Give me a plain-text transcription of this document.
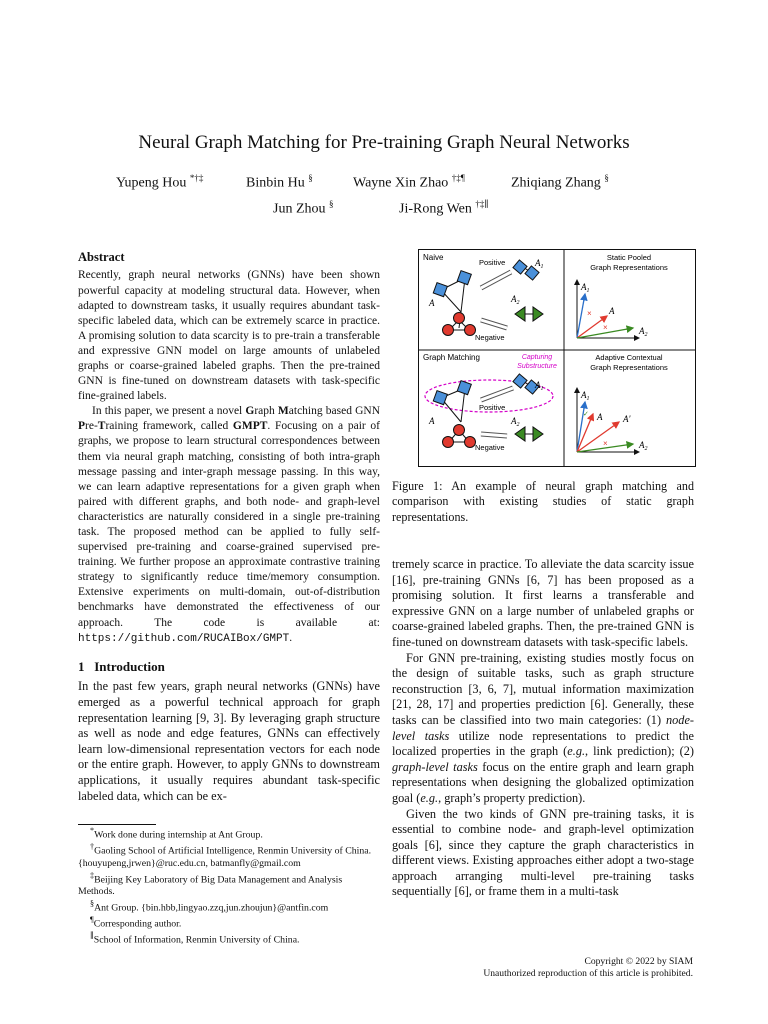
Neural Graph Matching for Pre-training Graph Neural Networks
Yupeng Hou *†‡	Binbin Hu §	Wayne Xin Zhao †‡¶	Zhiqiang Zhang §
Jun Zhou §	Ji-Rong Wen †‡∥

Abstract

Recently, graph neural networks (GNNs) have been shown powerful capacity at modeling structural data. However, when adapted to downstream tasks, it usually requires abundant task-specific labeled data, which can be extremely scarce in practice. A promising solution to data scarcity is to pre-train a transferable and expressive GNN model on large amounts of unlabeled graphs or coarse-grained labeled graphs. Then the pre-trained GNN is fine-tuned on downstream datasets with task-specific fine-grained labels.

In this paper, we present a novel Graph Matching based GNN Pre-Training framework, called GMPT. Focusing on a pair of graphs, we propose to learn structural correspondences between them via neural graph matching, consisting of both intra-graph message passing and inter-graph message passing. In this way, we can learn adaptive representations for a given graph when paired with different graphs, and both node- and graph-level characteristics are naturally considered in a single pre-training task. The proposed method can be applied to fully self-supervised pre-training and coarse-grained supervised pre-training. We further propose an approximate contrastive training strategy to significantly reduce time/memory consumption. Extensive experiments on multi-domain, out-of-distribution benchmarks have demonstrated the effectiveness of our approach. The code is available at: https://github.com/RUCAIBox/GMPT.

1 Introduction

In the past few years, graph neural networks (GNNs) have emerged as a powerful technical approach for graph representation learning [9, 3]. By leveraging graph structure as well as node and edge features, GNNs can effectively learn low-dimensional representation vectors for each node or the entire graph. However, to apply GNNs to downstream applications, it usually requires abundant task-specific labeled data, which can be ex-

*Work done during internship at Ant Group.

†Gaoling School of Artificial Intelligence, Renmin University of China. {houyupeng,jrwen}@ruc.edu.cn, batmanfly@gmail.com

‡Beijing Key Laboratory of Big Data Management and Analysis Methods.

§Ant Group. {bin.hbb,lingyao.zzq,jun.zhoujun}@antfin.com

¶Corresponding author.

∥School of Information, Renmin University of China.

Naive
A
Positive	$A_1$
$A_2$
Negative
Static Pooled
Graph Representations
×
×
$A_1$
A
$A_2$
Graph Matching	Capturing
Substructure
A
Positive
$A_1$
$A_2$
Negative
Adaptive Contextual
Graph Representations
✓
×
$A_1$
A A'
$A_2$
Figure 1: An example of neural graph matching and comparison with existing studies of static graph representations.

tremely scarce in practice. To alleviate the data scarcity issue [16], pre-training GNNs [6, 7] has been proposed as a promising solution. It first learns a transferable and expressive GNN on a large number of unlabeled graphs or coarse-grained labeled graphs. Then, the pre-trained GNN is fine-tuned on downstream datasets with task-specific labels.

For GNN pre-training, existing studies mostly focus on the design of suitable tasks, such as graph structure reconstruction [3, 6, 7], mutual information maximization [21, 28, 17] and properties prediction [6]. Generally, these tasks can be classified into two main categories: (1) node-level tasks utilize node representations to predict the localized properties in the graph (e.g., link prediction); (2) graph-level tasks focus on the entire graph and learn graph representations when designing the globalized optimization goal (e.g., graph’s property prediction).

Given the two kinds of GNN pre-training tasks, it is essential to combine node- and graph-level optimization goals [6], since they capture the graph characteristics in different views. Existing approaches either adopt a two-stage approach arranging multi-level pre-training tasks sequentially [6], or frame them in a multi-task

Copyright © 2022 by SIAM
Unauthorized reproduction of this article is prohibited.
